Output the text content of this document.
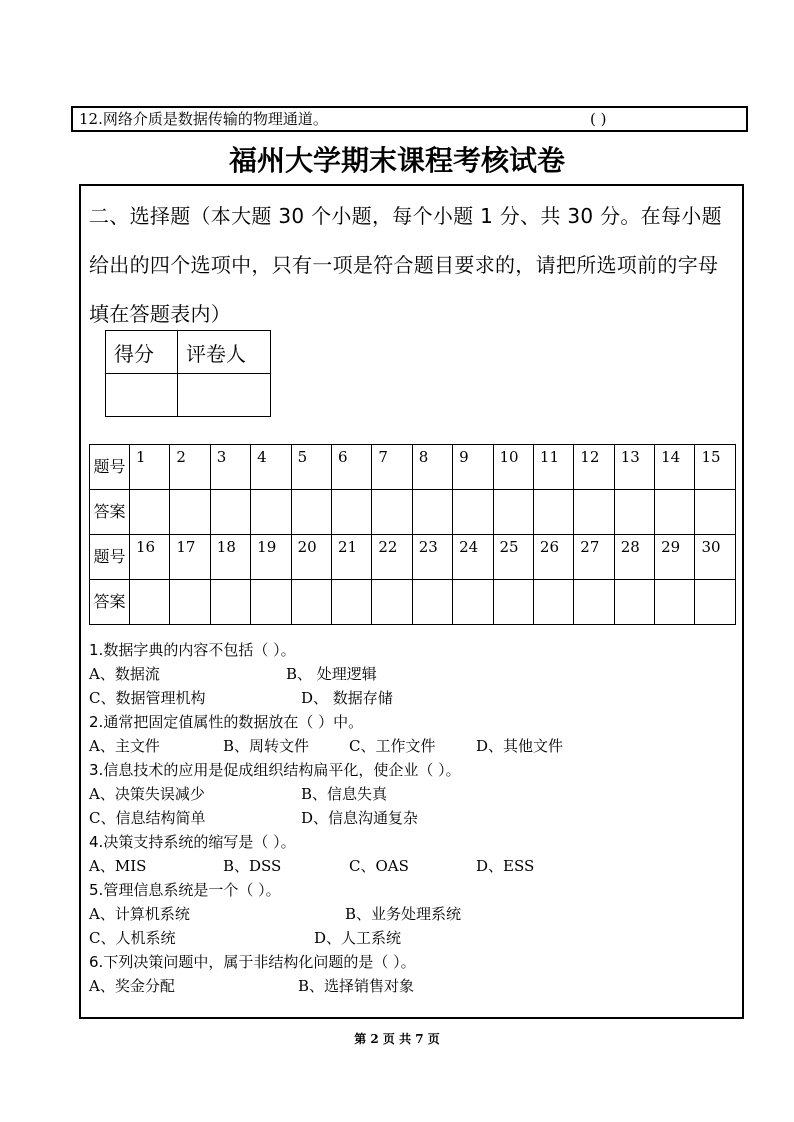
12.网络介质是数据传输的物理通道。	( )
福州大学期末课程考核试卷
二、选择题（本大题 30 个小题，每个小题 1 分、共 30 分。在每小题给出的四个选项中，只有一项是符合题目要求的，请把所选项前的字母填在答题表内）
得分	评卷人

题号	1	2	3	4	5	6	7	8	9	10	11	12	13	14	15
答案															
题号	16	17	18	19	20	21	22	23	24	25	26	27	28	29	30
答案															
1.数据字典的内容不包括（ ）。
A、数据流	B、 处理逻辑
C、数据管理机构	D、 数据存储
2.通常把固定值属性的数据放在（ ）中。
A、主文件	B、周转文件	C、工作文件	D、其他文件
3.信息技术的应用是促成组织结构扁平化，使企业（ ）。
A、决策失误减少	B、信息失真
C、信息结构简单	D、信息沟通复杂
4.决策支持系统的缩写是（ ）。
A、MIS	B、DSS	C、OAS	D、ESS
5.管理信息系统是一个（ ）。
A、计算机系统	B、业务处理系统
C、人机系统	D、人工系统
6.下列决策问题中，属于非结构化问题的是（ ）。
A、奖金分配	B、选择销售对象
第 2 页 共 7 页
